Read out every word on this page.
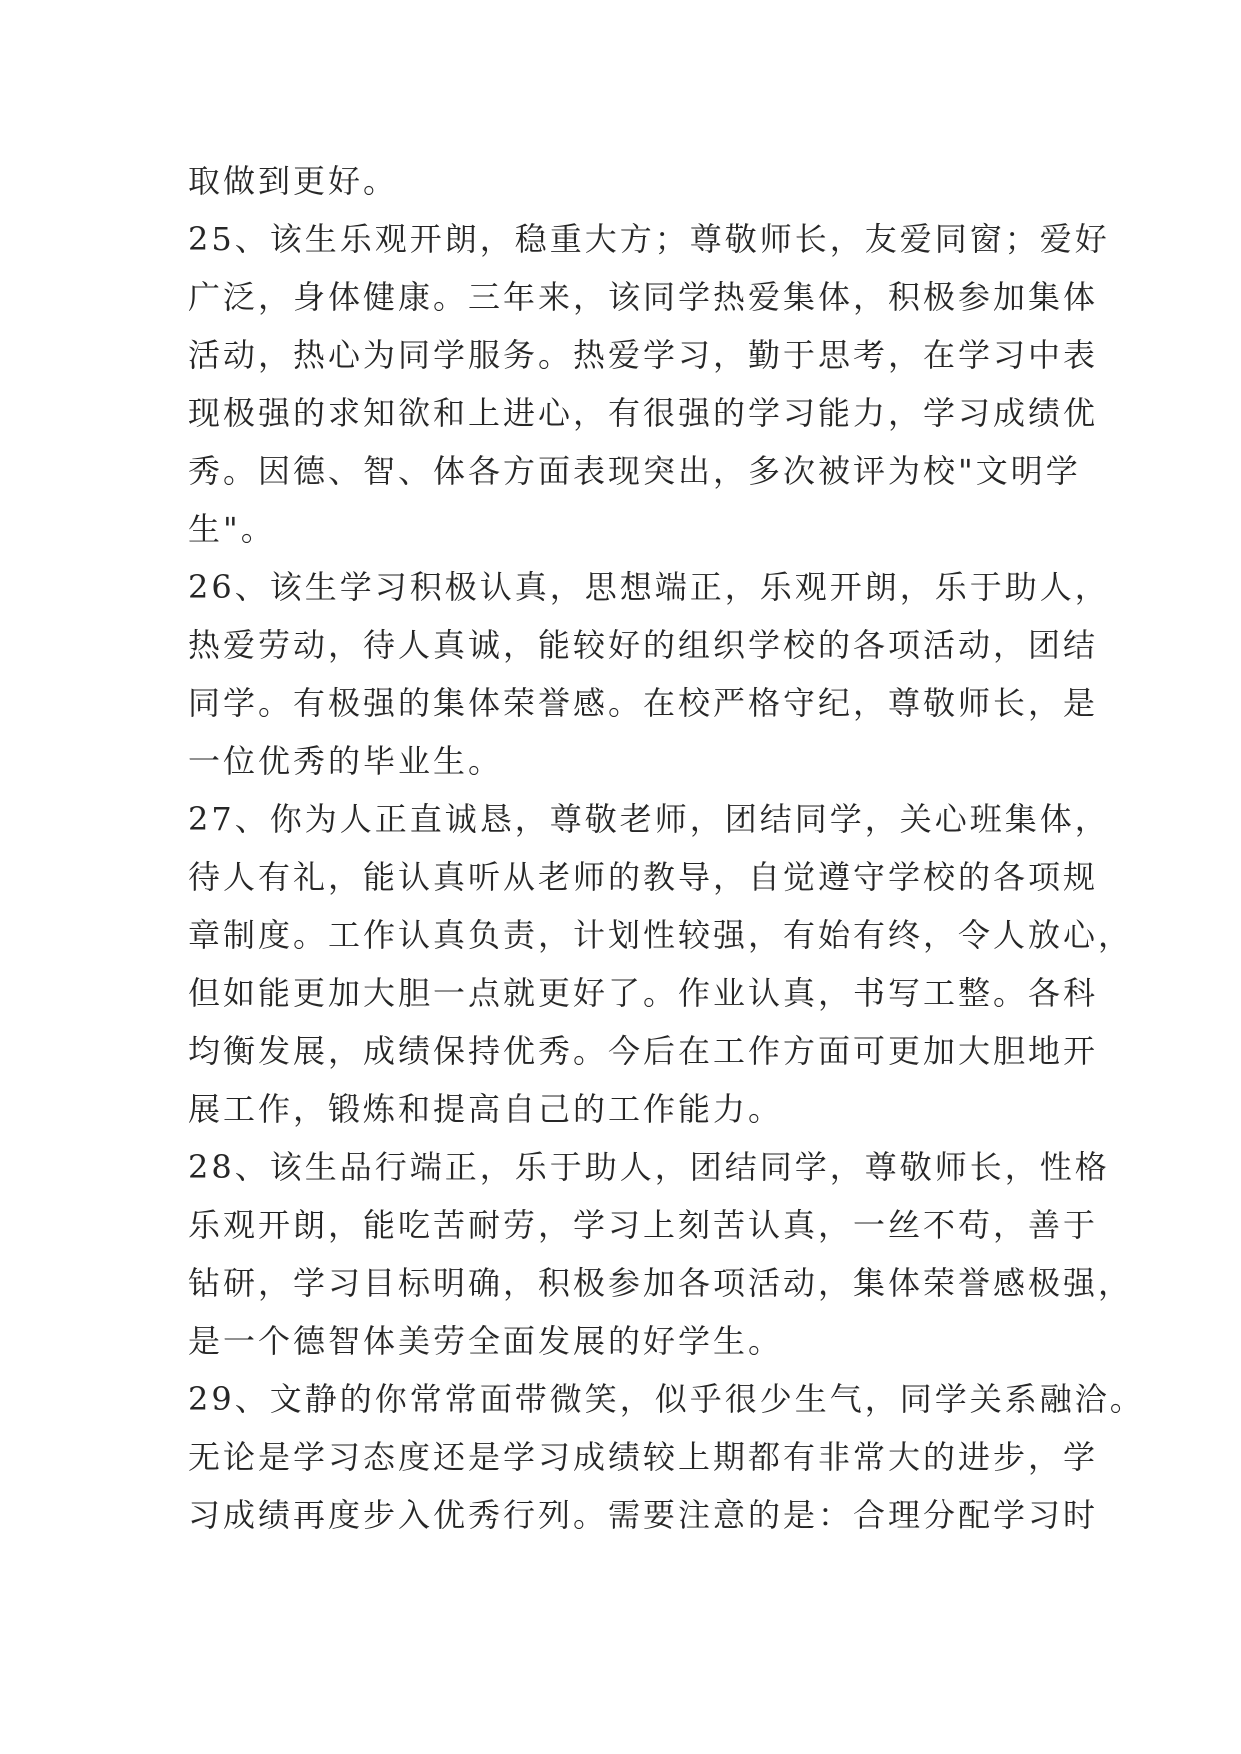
取做到更好。
25、该生乐观开朗，稳重大方；尊敬师长，友爱同窗；爱好
广泛，身体健康。三年来，该同学热爱集体，积极参加集体
活动，热心为同学服务。热爱学习，勤于思考，在学习中表
现极强的求知欲和上进心，有很强的学习能力，学习成绩优
秀。因德、智、体各方面表现突出，多次被评为校"文明学
生"。
26、该生学习积极认真，思想端正，乐观开朗，乐于助人，
热爱劳动，待人真诚，能较好的组织学校的各项活动，团结
同学。有极强的集体荣誉感。在校严格守纪，尊敬师长，是
一位优秀的毕业生。
27、你为人正直诚恳，尊敬老师，团结同学，关心班集体，
待人有礼，能认真听从老师的教导，自觉遵守学校的各项规
章制度。工作认真负责，计划性较强，有始有终，令人放心，
但如能更加大胆一点就更好了。作业认真，书写工整。各科
均衡发展，成绩保持优秀。今后在工作方面可更加大胆地开
展工作，锻炼和提高自己的工作能力。
28、该生品行端正，乐于助人，团结同学，尊敬师长，性格
乐观开朗，能吃苦耐劳，学习上刻苦认真，一丝不苟，善于
钻研，学习目标明确，积极参加各项活动，集体荣誉感极强，
是一个德智体美劳全面发展的好学生。
29、文静的你常常面带微笑，似乎很少生气，同学关系融洽。
无论是学习态度还是学习成绩较上期都有非常大的进步，学
习成绩再度步入优秀行列。需要注意的是：合理分配学习时
